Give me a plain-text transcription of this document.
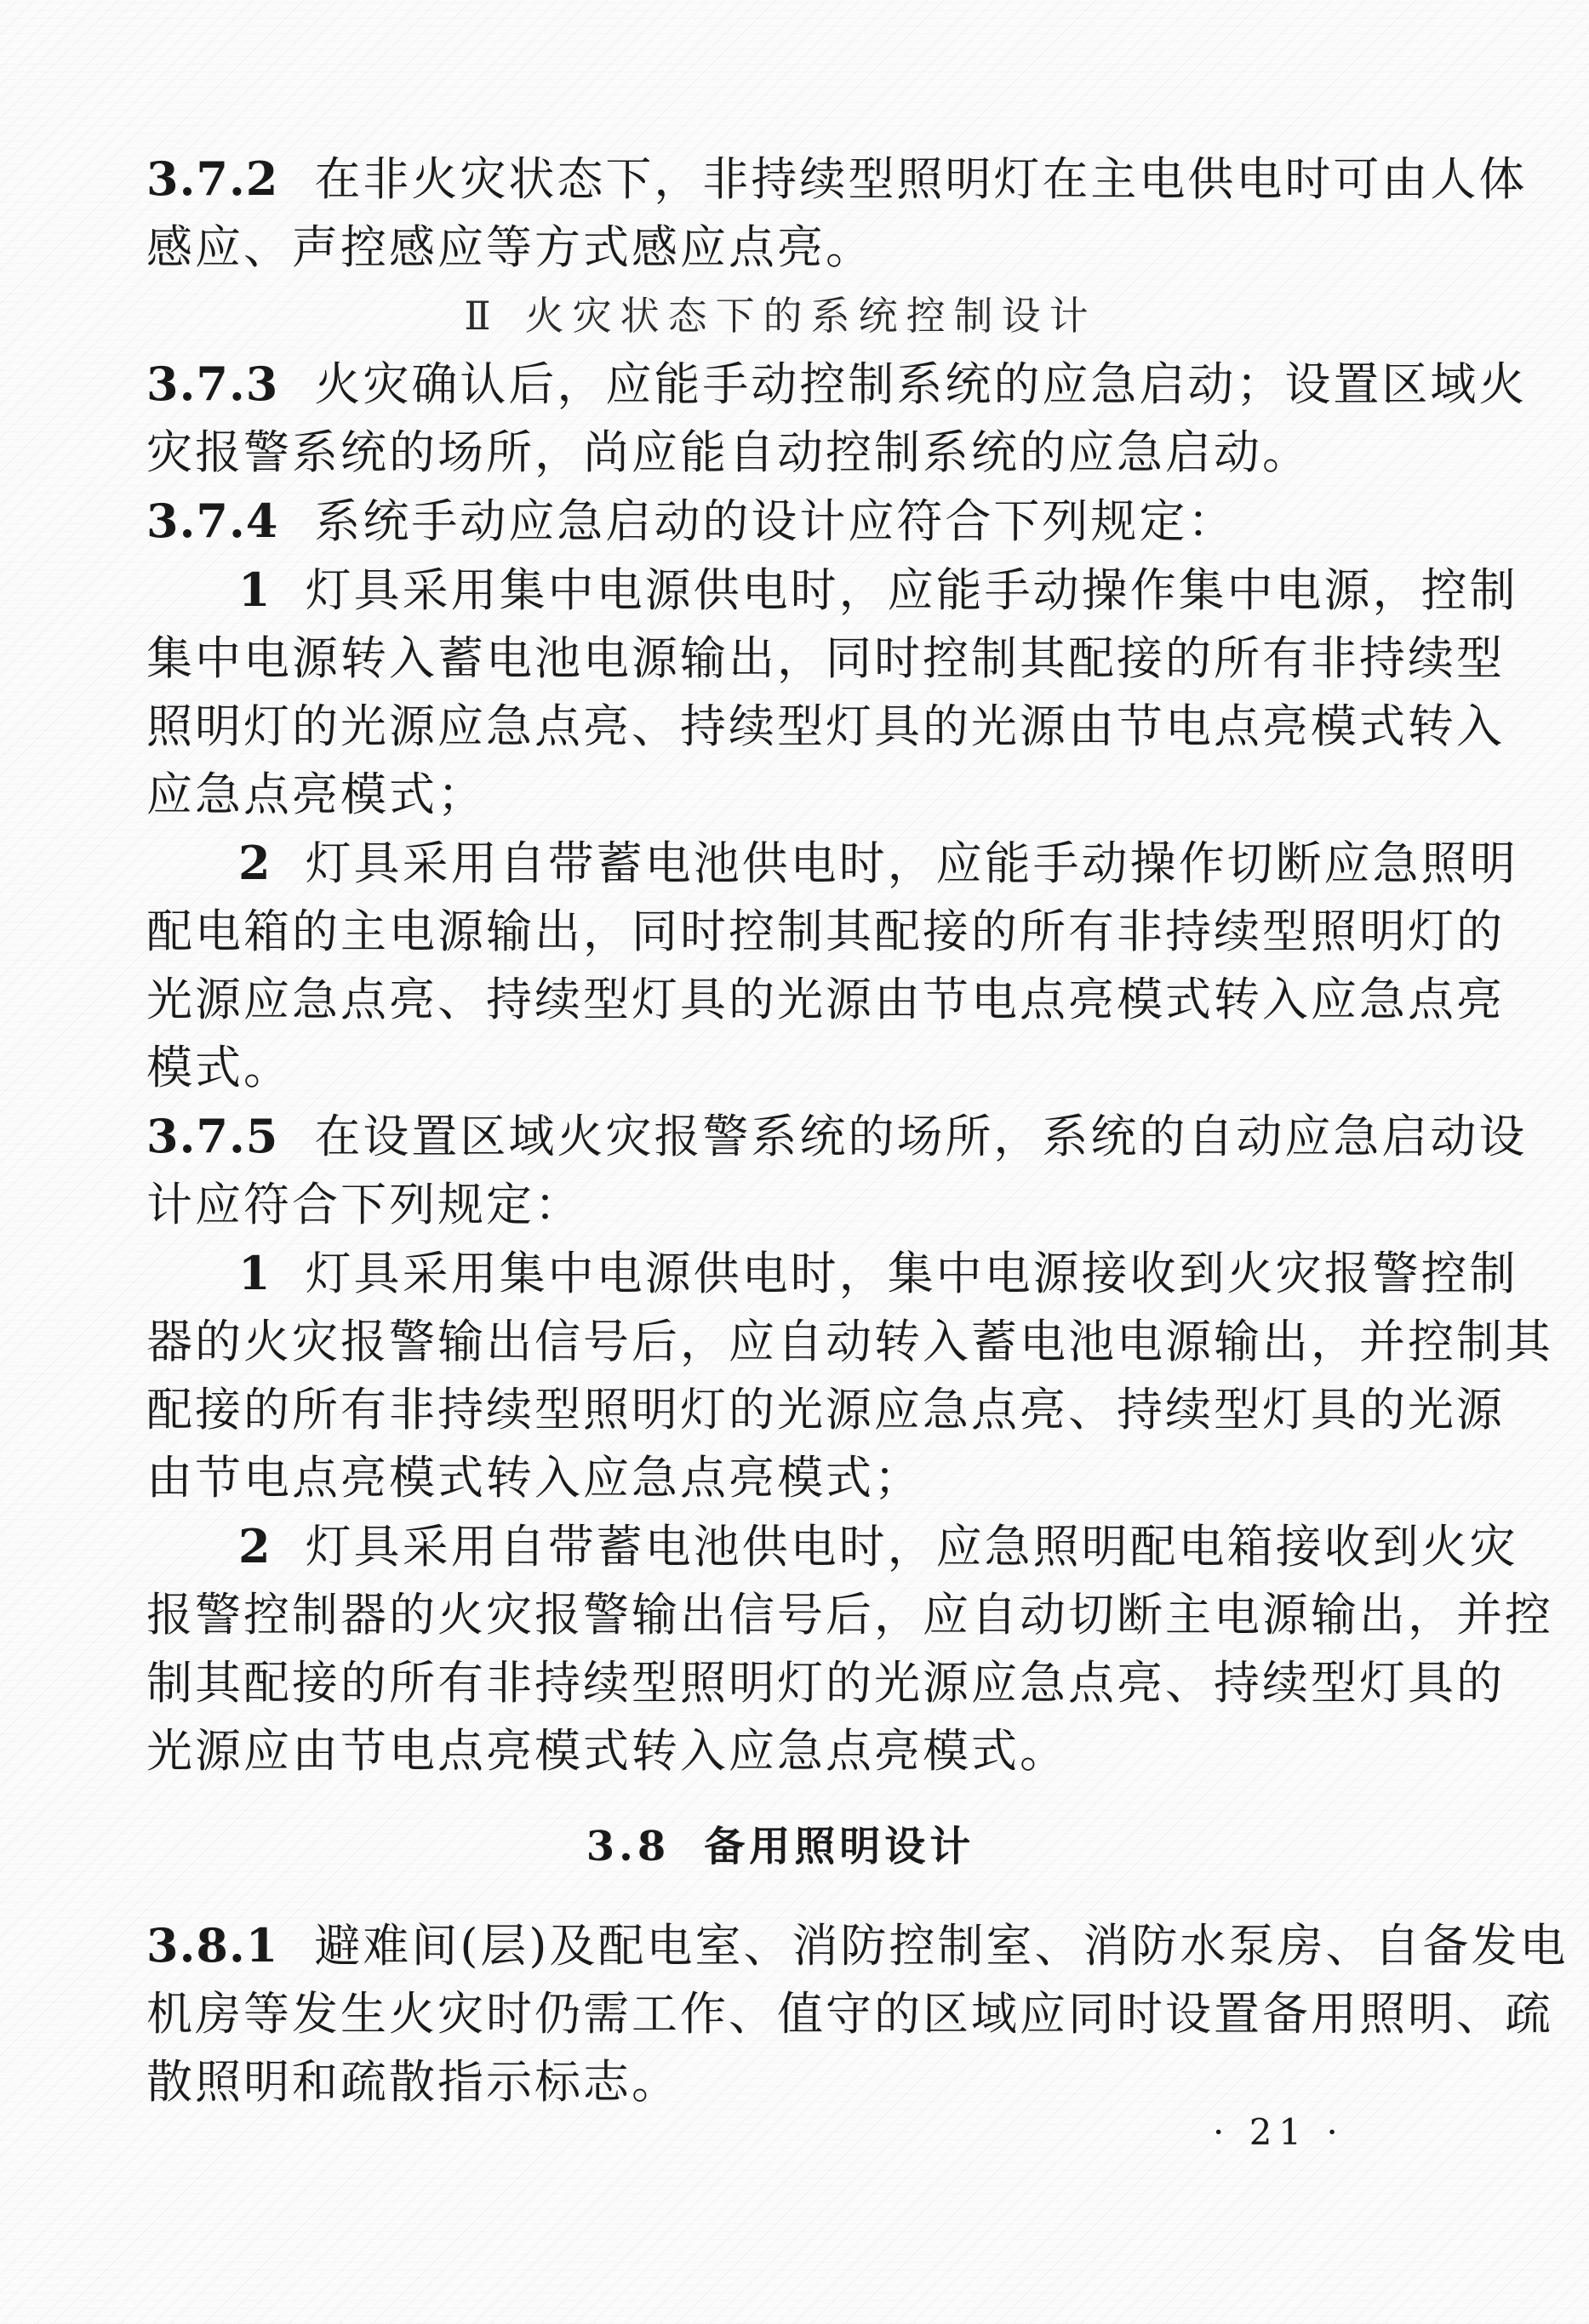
3.7.2 在非火灾状态下，非持续型照明灯在主电供电时可由人体
感应、声控感应等方式感应点亮。
Ⅱ 火灾状态下的系统控制设计
3.7.3 火灾确认后，应能手动控制系统的应急启动；设置区域火
灾报警系统的场所，尚应能自动控制系统的应急启动。
3.7.4 系统手动应急启动的设计应符合下列规定：
1 灯具采用集中电源供电时，应能手动操作集中电源，控制
集中电源转入蓄电池电源输出，同时控制其配接的所有非持续型
照明灯的光源应急点亮、持续型灯具的光源由节电点亮模式转入
应急点亮模式；
2 灯具采用自带蓄电池供电时，应能手动操作切断应急照明
配电箱的主电源输出，同时控制其配接的所有非持续型照明灯的
光源应急点亮、持续型灯具的光源由节电点亮模式转入应急点亮
模式。
3.7.5 在设置区域火灾报警系统的场所，系统的自动应急启动设
计应符合下列规定：
1 灯具采用集中电源供电时，集中电源接收到火灾报警控制
器的火灾报警输出信号后，应自动转入蓄电池电源输出，并控制其
配接的所有非持续型照明灯的光源应急点亮、持续型灯具的光源
由节电点亮模式转入应急点亮模式；
2 灯具采用自带蓄电池供电时，应急照明配电箱接收到火灾
报警控制器的火灾报警输出信号后，应自动切断主电源输出，并控
制其配接的所有非持续型照明灯的光源应急点亮、持续型灯具的
光源应由节电点亮模式转入应急点亮模式。
3.8 备用照明设计
3.8.1 避难间(层)及配电室、消防控制室、消防水泵房、自备发电
机房等发生火灾时仍需工作、值守的区域应同时设置备用照明、疏
散照明和疏散指示标志。
· 21 ·
